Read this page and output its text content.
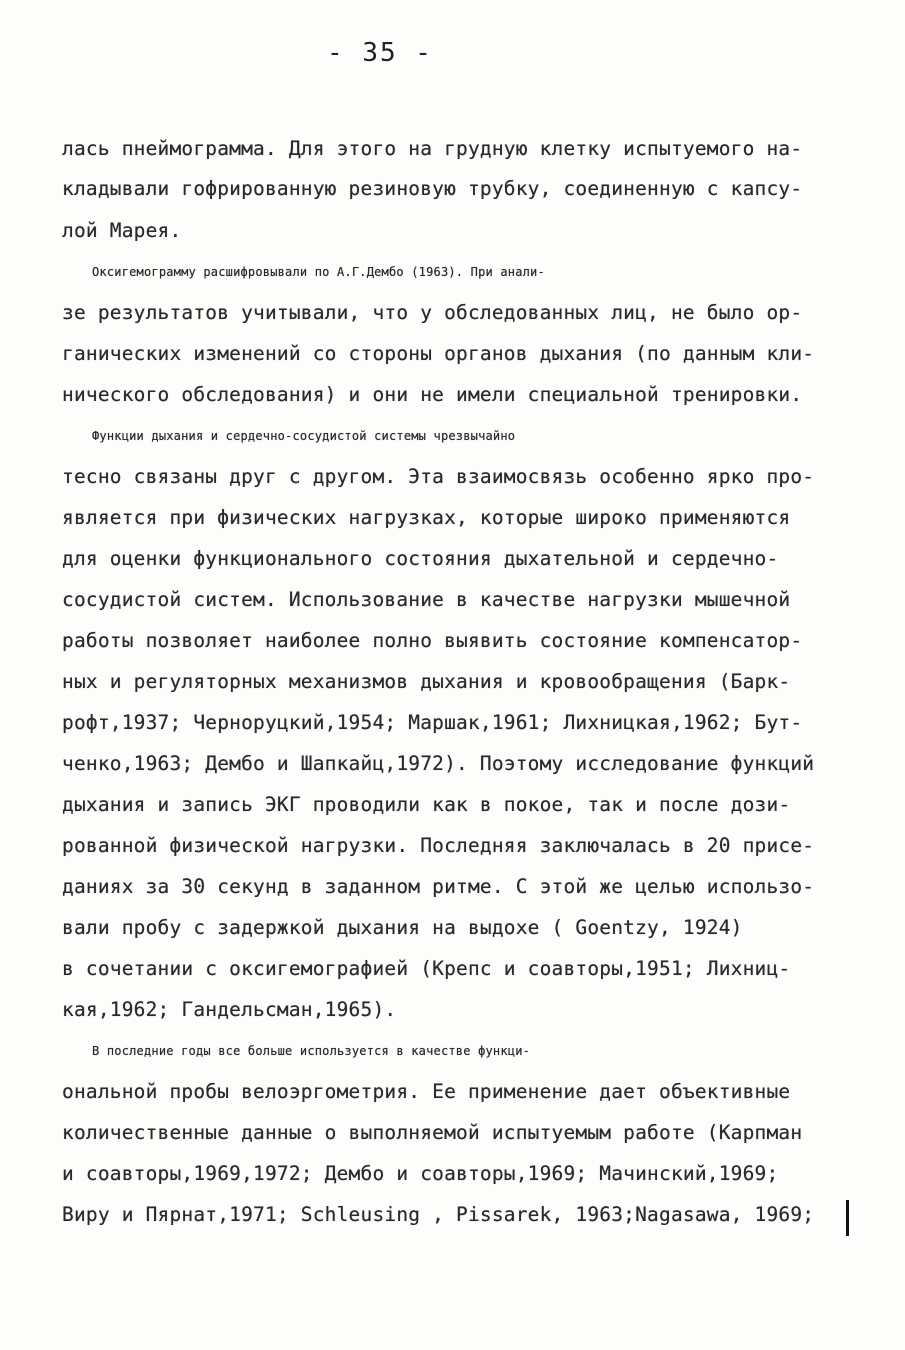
- 35 -
лась пнеймограмма. Для этого на грудную клетку испытуемого на-
кладывали гофрированную резиновую трубку, соединенную с капсу-
лой Марея.
Оксигемограмму расшифровывали по А.Г.Дембо (1963). При анали-
зе результатов учитывали, что у обследованных лиц, не было ор-
ганических изменений со стороны органов дыхания (по данным кли-
нического обследования) и они не имели специальной тренировки.
Функции дыхания и сердечно-сосудистой системы чрезвычайно
тесно связаны друг с другом. Эта взаимосвязь особенно ярко про-
является при физических нагрузках, которые широко применяются
для оценки функционального состояния дыхательной и сердечно-
сосудистой систем. Использование в качестве нагрузки мышечной
работы позволяет наиболее полно выявить состояние компенсатор-
ных и регуляторных механизмов дыхания и кровообращения (Барк-
рофт,1937; Черноруцкий,1954; Маршак,1961; Лихницкая,1962; Бут-
ченко,1963; Дембо и Шапкайц,1972). Поэтому исследование функций
дыхания и запись ЭКГ проводили как в покое, так и после дози-
рованной физической нагрузки. Последняя заключалась в 20 присе-
даниях за 30 секунд в заданном ритме. С этой же целью использо-
вали пробу с задержкой дыхания на выдохе ( Goentzy, 1924)
в сочетании с оксигемографией (Крепс и соавторы,1951; Лихниц-
кая,1962; Гандельсман,1965).
В последние годы все больше используется в качестве функци-
ональной пробы велоэргометрия. Ее применение дает объективные
количественные данные о выполняемой испытуемым работе (Карпман
и соавторы,1969,1972; Дембо и соавторы,1969; Мачинский,1969;
Виру и Пярнат,1971; Schleusing , Pissarek, 1963;Nagasawa, 1969;
